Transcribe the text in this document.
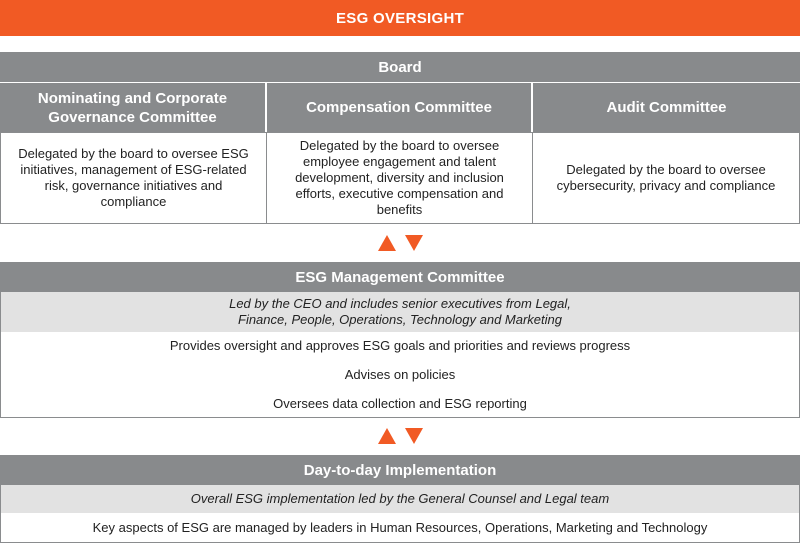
ESG OVERSIGHT
Board
Nominating and Corporate Governance Committee
Compensation Committee	Audit Committee
Delegated by the board to oversee ESG initiatives, management of ESG-related risk, governance initiatives and compliance
Delegated by the board to oversee employee engagement and talent development, diversity and inclusion efforts, executive compensation and benefits
Delegated by the board to oversee cybersecurity, privacy and compliance
ESG Management Committee
Led by the CEO and includes senior executives from Legal, Finance, People, Operations, Technology and Marketing
Provides oversight and approves ESG goals and priorities and reviews progress
Advises on policies
Oversees data collection and ESG reporting
Day-to-day Implementation
Overall ESG implementation led by the General Counsel and Legal team
Key aspects of ESG are managed by leaders in Human Resources, Operations, Marketing and Technology
